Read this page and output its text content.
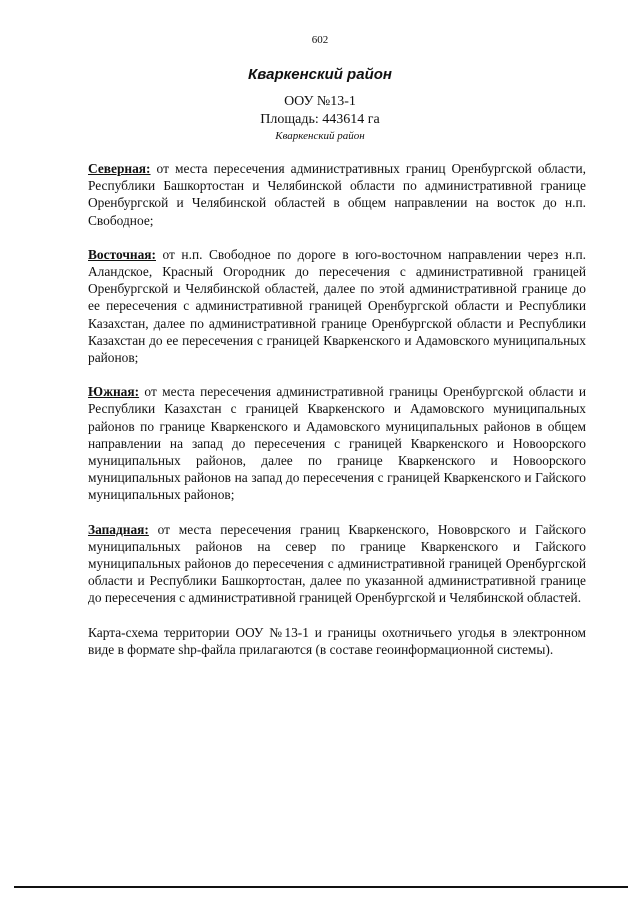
602
Кваркенский район
ООУ №13-1
Площадь: 443614 га
Кваркенский район

Северная: от места пересечения административных границ Оренбургской области, Республики Башкортостан и Челябинской области по административной границе Оренбургской и Челябинской областей в общем направлении на восток до н.п. Свободное;

Восточная: от н.п. Свободное по дороге в юго-восточном направлении через н.п. Аландское, Красный Огородник до пересечения с административной границей Оренбургской и Челябинской областей, далее по этой административной границе до ее пересечения с административной границей Оренбургской области и Республики Казахстан, далее по административной границе Оренбургской области и Республики Казахстан до ее пересечения с границей Кваркенского и Адамовского муниципальных районов;

Южная: от места пересечения административной границы Оренбургской области и Республики Казахстан с границей Кваркенского и Адамовского муниципальных районов по границе Кваркенского и Адамовского муниципальных районов в общем направлении на запад до пересечения с границей Кваркенского и Новоорского муниципальных районов, далее по границе Кваркенского и Новоорского муниципальных районов на запад до пересечения с границей Кваркенского и Гайского муниципальных районов;

Западная: от места пересечения границ Кваркенского, Нововрского и Гайского муниципальных районов на север по границе Кваркенского и Гайского муниципальных районов до пересечения с административной границей Оренбургской области и Республики Башкортостан, далее по указанной административной границе до пересечения с административной границей Оренбургской и Челябинской областей.

Карта-схема территории ООУ №13-1 и границы охотничьего угодья в электронном виде в формате shp-файла прилагаются (в составе геоинформационной системы).
